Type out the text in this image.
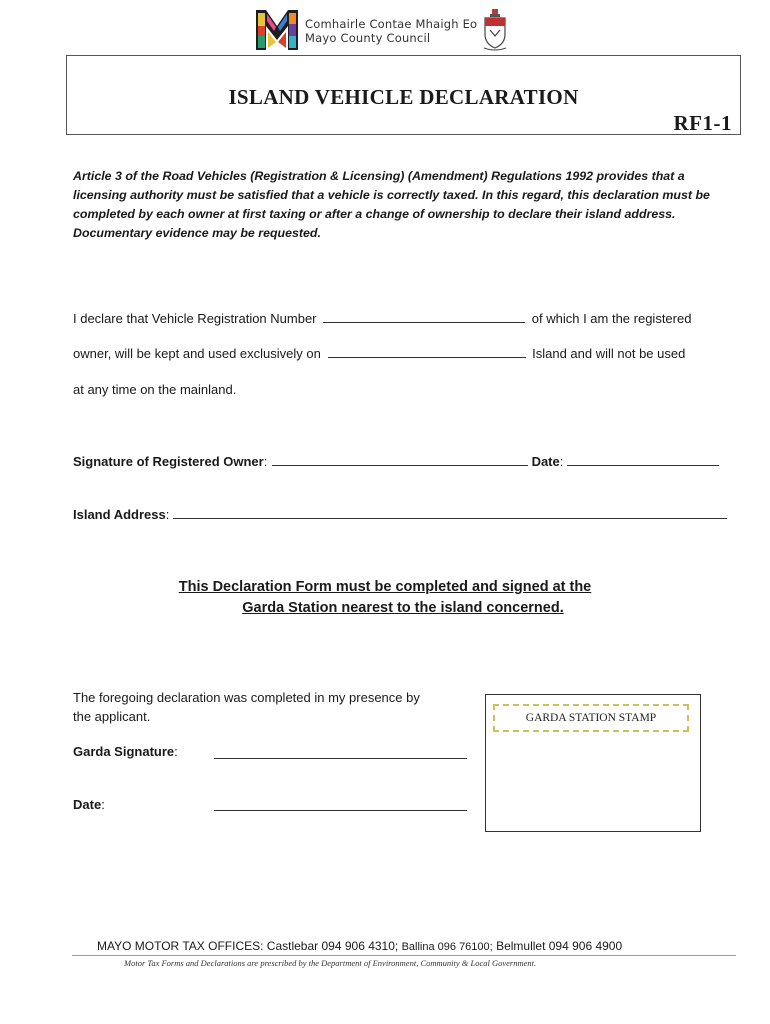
Comhairle Contae Mhaigh Eo
Mayo County Council
ISLAND VEHICLE DECLARATION
RF1-1
Article 3 of the Road Vehicles (Registration & Licensing) (Amendment) Regulations 1992 provides that a licensing authority must be satisfied that a vehicle is correctly taxed. In this regard, this declaration must be completed by each owner at first taxing or after a change of ownership to declare their island address. Documentary evidence may be requested.
I declare that Vehicle Registration Number	of which I am the registered
owner, will be kept and used exclusively on	Island and will not be used
at any time on the mainland.
Signature of Registered Owner:	Date:
Island Address:
This Declaration Form must be completed and signed at the
Garda Station nearest to the island concerned.
The foregoing declaration was completed in my presence by
the applicant.
Garda Signature:
Date:
GARDA STATION STAMP
MAYO MOTOR TAX OFFICES: Castlebar 094 906 4310; Ballina 096 76100; Belmullet 094 906 4900
Motor Tax Forms and Declarations are prescribed by the Department of Environment, Community & Local Government.
